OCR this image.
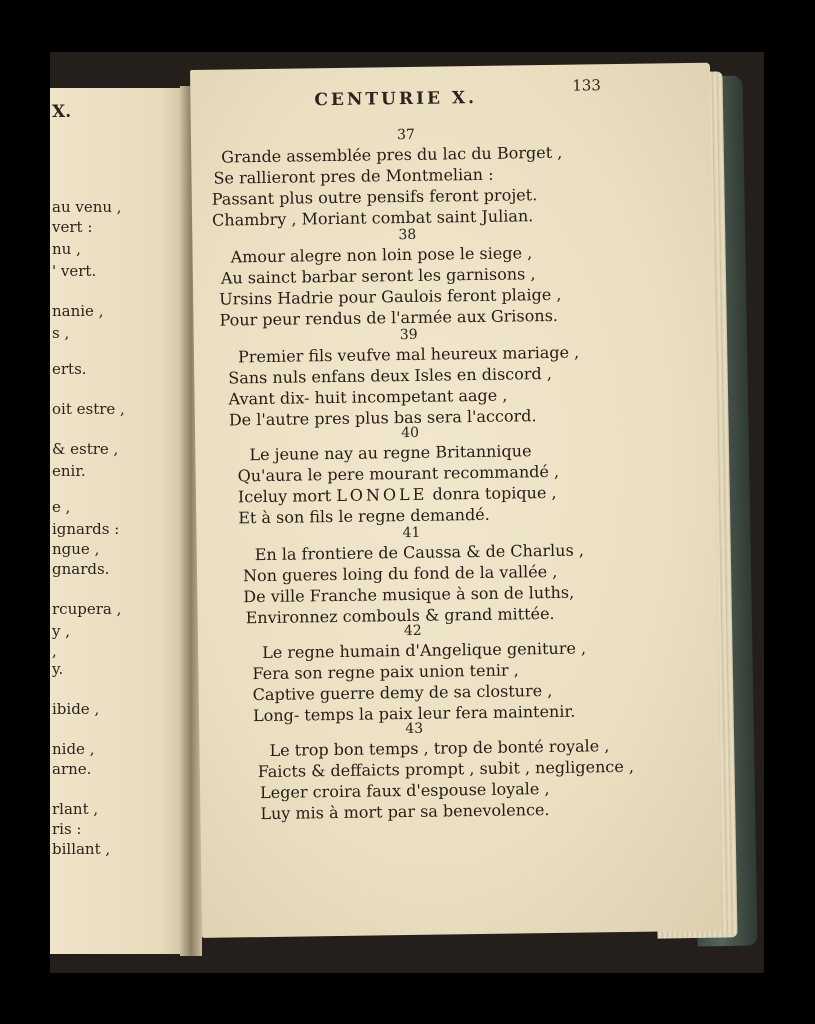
X.
au venu ,
vert :
nu ,
' vert.
nanie ,
s ,
erts.
oit estre ,
& estre ,
enir.
e ,
ignards :
ngue ,
gnards.
rcupera ,
y ,
,
y.
ibide ,
nide ,
arne.
rlant ,
ris :
billant ,
CENTURIE X.
133
37
Grande assemblée pres du lac du Borget ,
Se rallieront pres de Montmelian :
Passant plus outre pensifs feront projet.
Chambry , Moriant combat saint Julian.
38
Amour alegre non loin pose le siege ,
Au sainct barbar seront les garnisons ,
Ursins Hadrie pour Gaulois feront plaige ,
Pour peur rendus de l'armée aux Grisons.
39
Premier fils veufve mal heureux mariage ,
Sans nuls enfans deux Isles en discord ,
Avant dix- huit incompetant aage ,
De l'autre pres plus bas sera l'accord.
40
Le jeune nay au regne Britannique
Qu'aura le pere mourant recommandé ,
Iceluy mort LONOLE donra topique ,
Et à son fils le regne demandé.
41
En la frontiere de Caussa & de Charlus ,
Non gueres loing du fond de la vallée ,
De ville Franche musique à son de luths,
Environnez combouls & grand mittée.
42
Le regne humain d'Angelique geniture ,
Fera son regne paix union tenir ,
Captive guerre demy de sa closture ,
Long- temps la paix leur fera maintenir.
43
Le trop bon temps , trop de bonté royale ,
Faicts & deffaicts prompt , subit , negligence ,
Leger croira faux d'espouse loyale ,
Luy mis à mort par sa benevolence.
